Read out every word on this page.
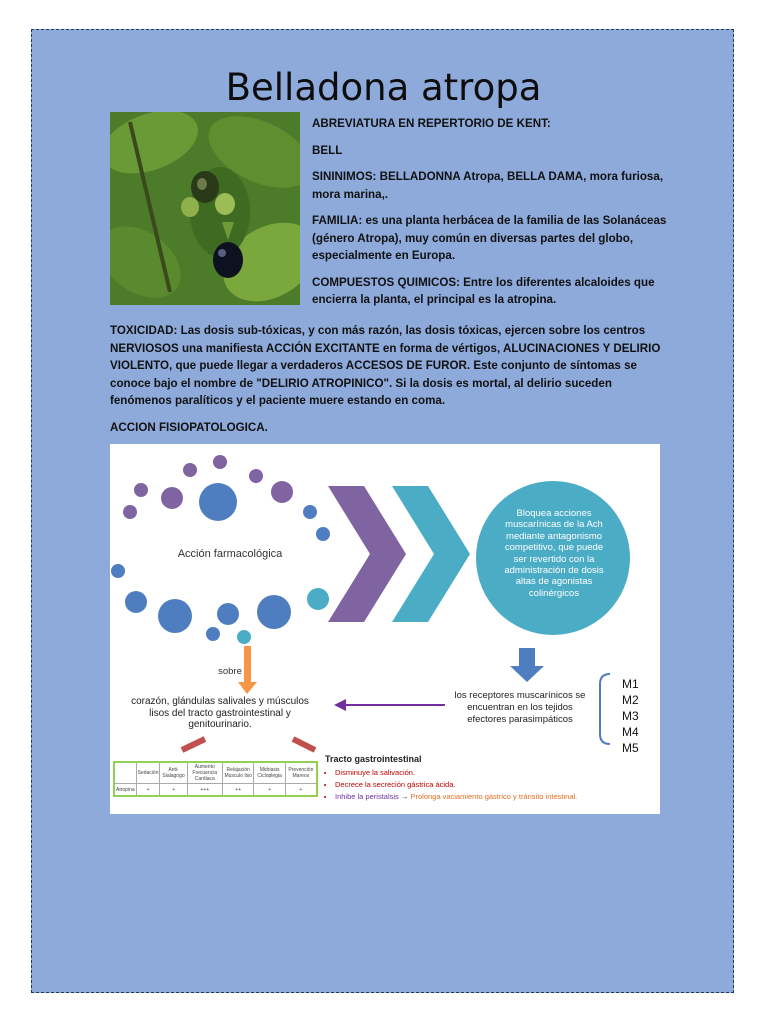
Belladona atropa

ABREVIATURA EN REPERTORIO DE KENT:

BELL

SININIMOS: BELLADONNA Atropa, BELLA DAMA, mora furiosa, mora marina,.

FAMILIA: es una planta herbácea de la familia de las Solanáceas (género Atropa), muy común en diversas partes del globo, especialmente en Europa.

COMPUESTOS QUIMICOS: Entre los diferentes alcaloides que encierra la planta, el principal es la atropina.

TOXICIDAD: Las dosis sub-tóxicas, y con más razón, las dosis tóxicas, ejercen sobre los centros NERVIOSOS una manifiesta ACCIÓN EXCITANTE en forma de vértigos, ALUCINACIONES Y DELIRIO VIOLENTO, que puede llegar a verdaderos ACCESOS DE FUROR. Este conjunto de síntomas se conoce bajo el nombre de "DELIRIO ATROPINICO". Si la dosis es mortal, al delirio suceden fenómenos paralíticos y el paciente muere estando en coma.

ACCION FISIOPATOLOGICA.

Acción farmacológica
Bloquea acciones muscarínicas de la Ach mediante antagonismo competitivo, que puede ser revertido con la administración de dosis altas de agonistas colinérgicos
sobre
corazón, glándulas salivales y músculos lisos del tracto gastrointestinal y genitourinario.
los receptores muscarínicos se encuentran en los tejidos efectores parasimpáticos
M1
M2
M3
M4
M5
	Sedación	Anti-Sialagogo	Aumento Frecuencia Cardiaca	Relajación Musculo liso	Midriasis Cicloplegia	Prevención Mareos
Atropina	+	+	+++	++	+	+
Tracto gastrointestinal
• Disminuye la salivación.
• Decrece la secreción gástrica ácida.
• Inhibe la peristalsis → Prolonga vaciamiento gástrico y tránsito intestinal.
